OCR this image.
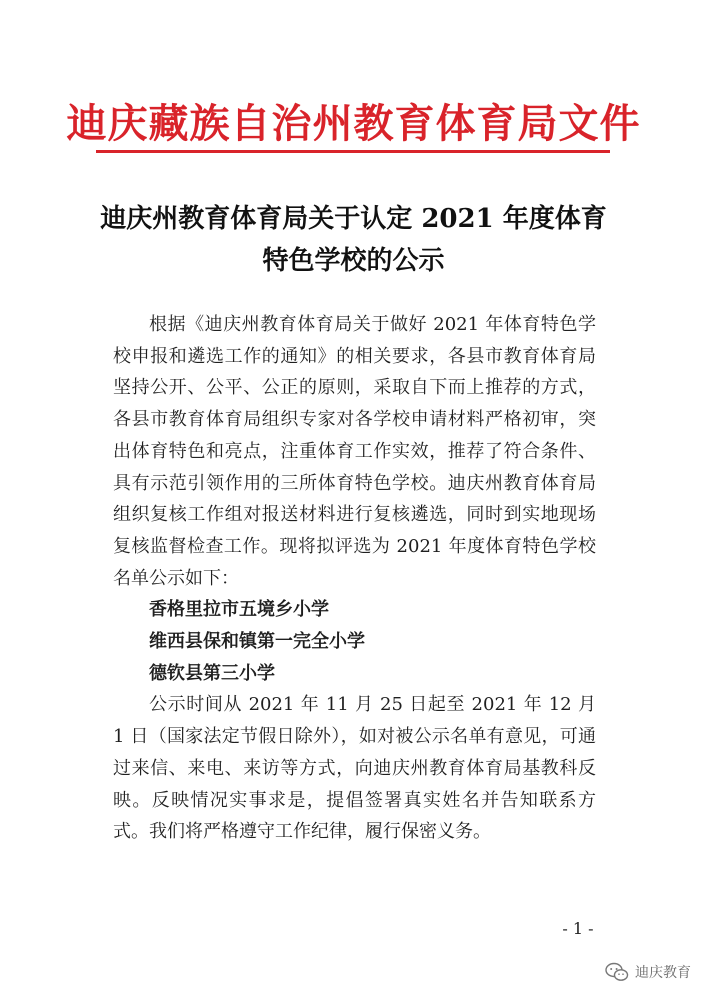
迪庆藏族自治州教育体育局文件
迪庆州教育体育局关于认定 2021 年度体育
特色学校的公示

根据《迪庆州教育体育局关于做好 2021 年体育特色学校申报和遴选工作的通知》的相关要求，各县市教育体育局坚持公开、公平、公正的原则，采取自下而上推荐的方式，各县市教育体育局组织专家对各学校申请材料严格初审，突出体育特色和亮点，注重体育工作实效，推荐了符合条件、具有示范引领作用的三所体育特色学校。迪庆州教育体育局组织复核工作组对报送材料进行复核遴选，同时到实地现场复核监督检查工作。现将拟评选为 2021 年度体育特色学校名单公示如下：

香格里拉市五境乡小学

维西县保和镇第一完全小学

德钦县第三小学

公示时间从 2021 年 11 月 25 日起至 2021 年 12 月 1 日（国家法定节假日除外），如对被公示名单有意见，可通过来信、来电、来访等方式，向迪庆州教育体育局基教科反映。反映情况实事求是，提倡签署真实姓名并告知联系方式。我们将严格遵守工作纪律，履行保密义务。

- 1 -
迪庆教育
